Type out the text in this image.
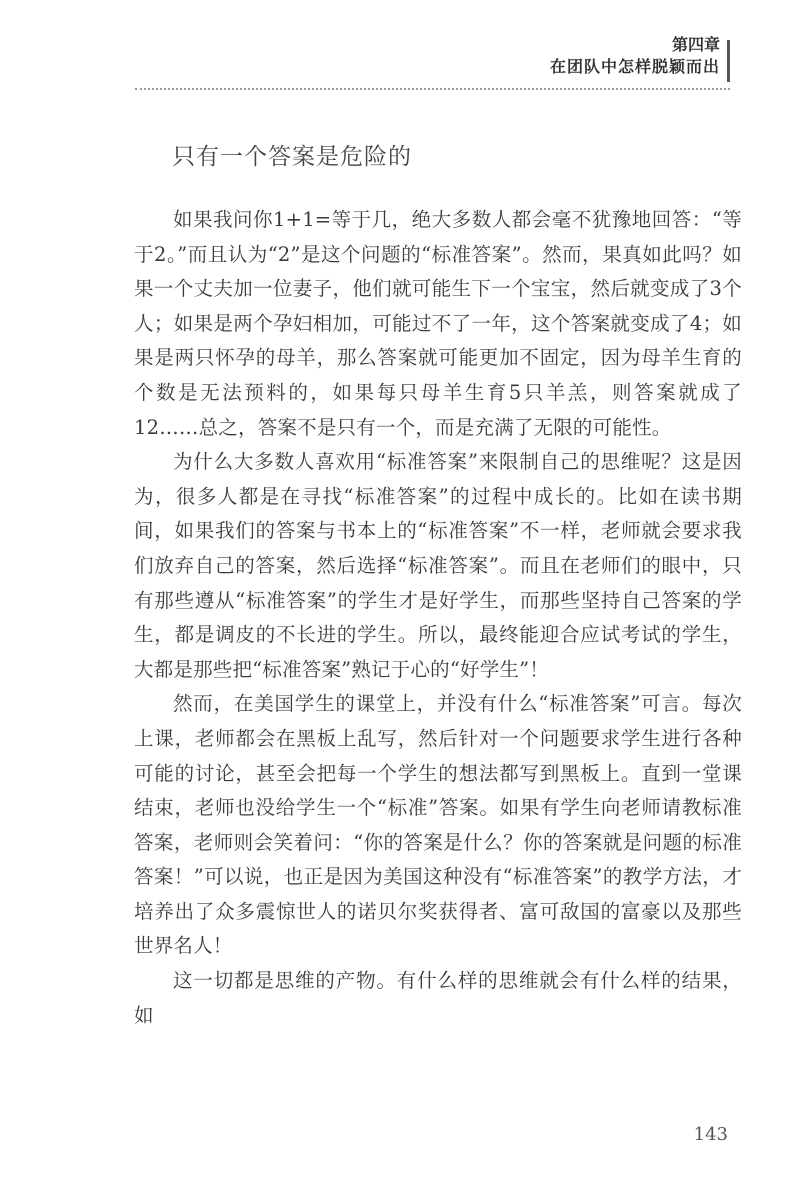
第四章
在团队中怎样脱颖而出
只有一个答案是危险的

如果我问你1+1=等于几，绝大多数人都会毫不犹豫地回答：“等于2。”而且认为“2”是这个问题的“标准答案”。然而，果真如此吗？如果一个丈夫加一位妻子，他们就可能生下一个宝宝，然后就变成了3个人；如果是两个孕妇相加，可能过不了一年，这个答案就变成了4；如果是两只怀孕的母羊，那么答案就可能更加不固定，因为母羊生育的个数是无法预料的，如果每只母羊生育5只羊羔，则答案就成了12……总之，答案不是只有一个，而是充满了无限的可能性。

为什么大多数人喜欢用“标准答案”来限制自己的思维呢？这是因为，很多人都是在寻找“标准答案”的过程中成长的。比如在读书期间，如果我们的答案与书本上的“标准答案”不一样，老师就会要求我们放弃自己的答案，然后选择“标准答案”。而且在老师们的眼中，只有那些遵从“标准答案”的学生才是好学生，而那些坚持自己答案的学生，都是调皮的不长进的学生。所以，最终能迎合应试考试的学生，大都是那些把“标准答案”熟记于心的“好学生”！

然而，在美国学生的课堂上，并没有什么“标准答案”可言。每次上课，老师都会在黑板上乱写，然后针对一个问题要求学生进行各种可能的讨论，甚至会把每一个学生的想法都写到黑板上。直到一堂课结束，老师也没给学生一个“标准”答案。如果有学生向老师请教标准答案，老师则会笑着问：“你的答案是什么？你的答案就是问题的标准答案！”可以说，也正是因为美国这种没有“标准答案”的教学方法，才培养出了众多震惊世人的诺贝尔奖获得者、富可敌国的富豪以及那些世界名人！

这一切都是思维的产物。有什么样的思维就会有什么样的结果，如

143
